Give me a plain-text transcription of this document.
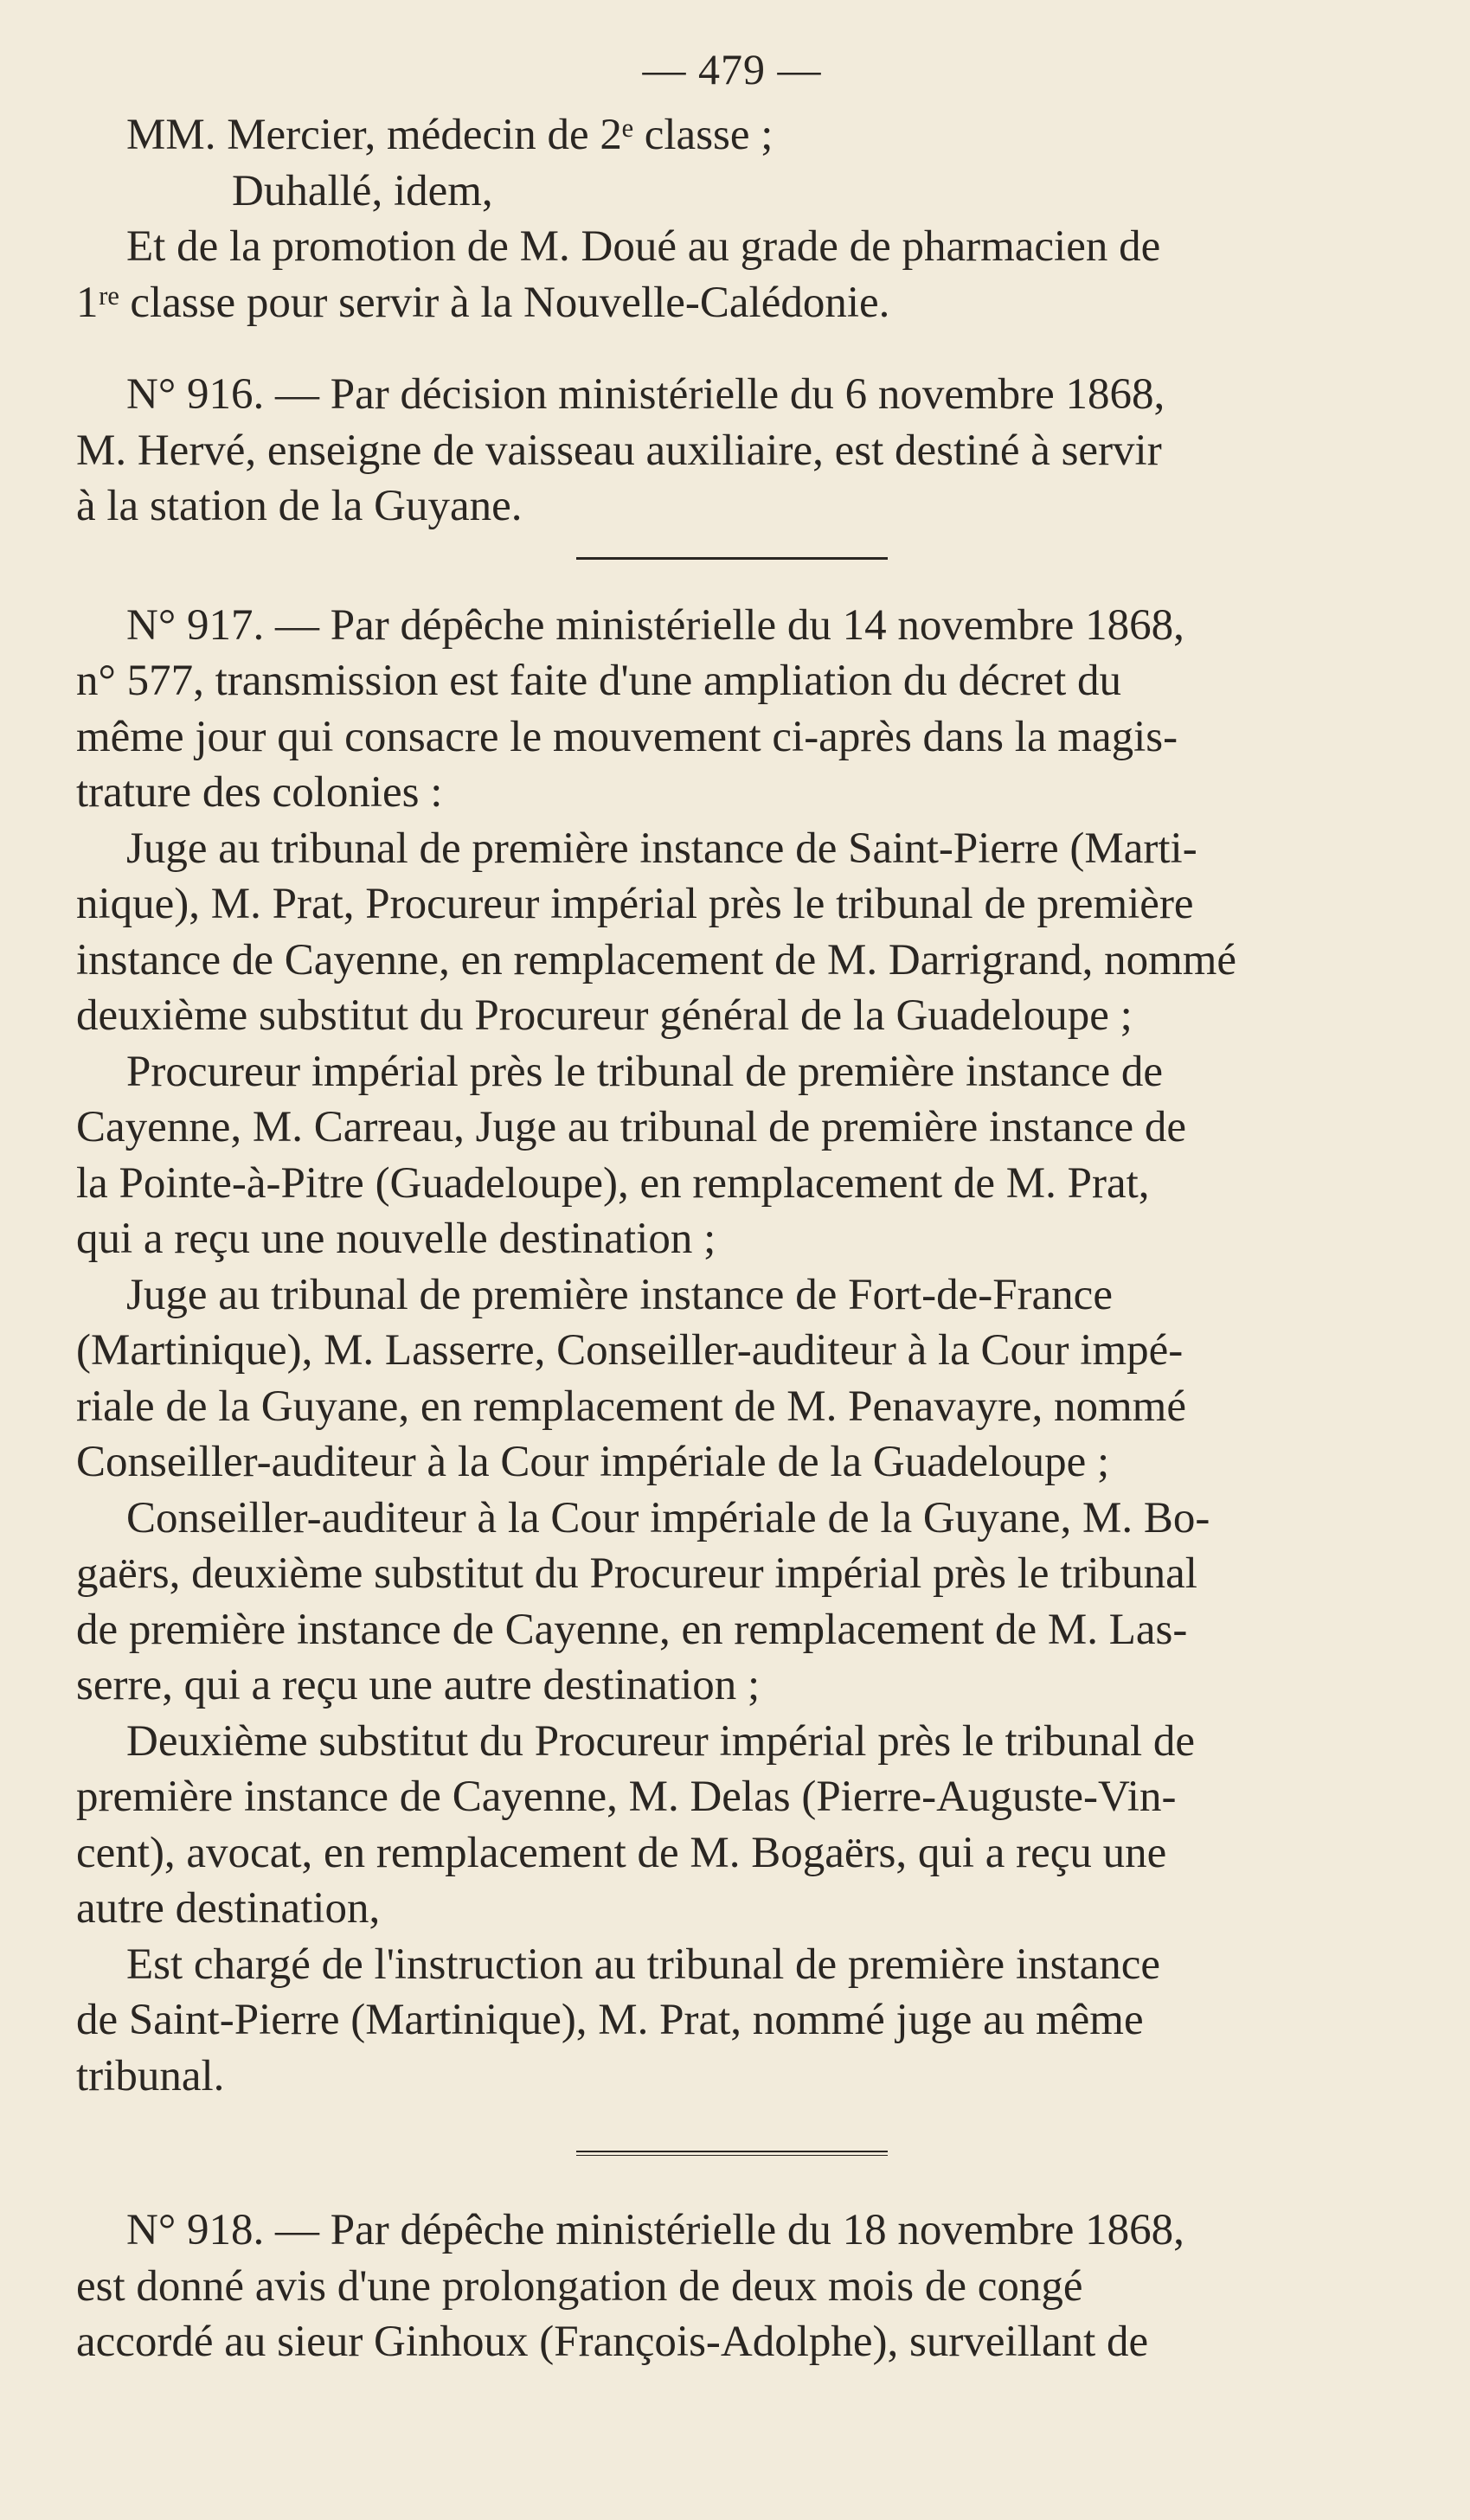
— 479 —
MM. Mercier, médecin de 2ᵉ classe ;
Duhallé, idem,
Et de la promotion de M. Doué au grade de pharmacien de
1ʳᵉ classe pour servir à la Nouvelle-Calédonie.
N° 916. — Par décision ministérielle du 6 novembre 1868,
M. Hervé, enseigne de vaisseau auxiliaire, est destiné à servir
à la station de la Guyane.
N° 917. — Par dépêche ministérielle du 14 novembre 1868,
n° 577, transmission est faite d'une ampliation du décret du
même jour qui consacre le mouvement ci-après dans la magis-
trature des colonies :
Juge au tribunal de première instance de Saint-Pierre (Marti-
nique), M. Prat, Procureur impérial près le tribunal de première
instance de Cayenne, en remplacement de M. Darrigrand, nommé
deuxième substitut du Procureur général de la Guadeloupe ;
Procureur impérial près le tribunal de première instance de
Cayenne, M. Carreau, Juge au tribunal de première instance de
la Pointe-à-Pitre (Guadeloupe), en remplacement de M. Prat,
qui a reçu une nouvelle destination ;
Juge au tribunal de première instance de Fort-de-France
(Martinique), M. Lasserre, Conseiller-auditeur à la Cour impé-
riale de la Guyane, en remplacement de M. Penavayre, nommé
Conseiller-auditeur à la Cour impériale de la Guadeloupe ;
Conseiller-auditeur à la Cour impériale de la Guyane, M. Bo-
gaërs, deuxième substitut du Procureur impérial près le tribunal
de première instance de Cayenne, en remplacement de M. Las-
serre, qui a reçu une autre destination ;
Deuxième substitut du Procureur impérial près le tribunal de
première instance de Cayenne, M. Delas (Pierre-Auguste-Vin-
cent), avocat, en remplacement de M. Bogaërs, qui a reçu une
autre destination,
Est chargé de l'instruction au tribunal de première instance
de Saint-Pierre (Martinique), M. Prat, nommé juge au même
tribunal.
N° 918. — Par dépêche ministérielle du 18 novembre 1868,
est donné avis d'une prolongation de deux mois de congé
accordé au sieur Ginhoux (François-Adolphe), surveillant de
